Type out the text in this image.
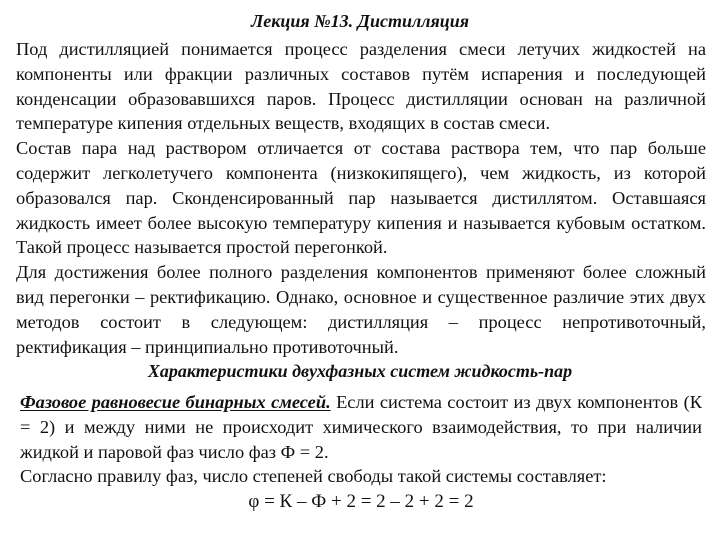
Лекция №13. Дистилляция

Под дистилляцией понимается процесс разделения смеси летучих жидкостей на компоненты или фракции различных составов путём испарения и последующей конденсации образовавшихся паров. Процесс дистилляции основан на различной температуре кипения отдельных веществ, входящих в состав смеси.

Состав пара над раствором отличается от состава раствора тем, что пар больше содержит легколетучего компонента (низкокипящего), чем жидкость, из которой образовался пар. Сконденсированный пар называется дистиллятом. Оставшаяся жидкость имеет более высокую температуру кипения и называется кубовым остатком. Такой процесс называется простой перегонкой.

Для достижения более полного разделения компонентов применяют более сложный вид перегонки – ректификацию. Однако, основное и существенное различие этих двух методов состоит в следующем: дистилляция – процесс непротивоточный, ректификация – принципиально противоточный.

Характеристики двухфазных систем жидкость-пар

Фазовое равновесие бинарных смесей. Если система состоит из двух компонентов (К = 2) и между ними не происходит химического взаимодействия, то при наличии жидкой и паровой фаз число фаз Ф = 2.

Согласно правилу фаз, число степеней свободы такой системы составляет:

φ = К – Ф + 2 = 2 – 2 + 2 = 2
